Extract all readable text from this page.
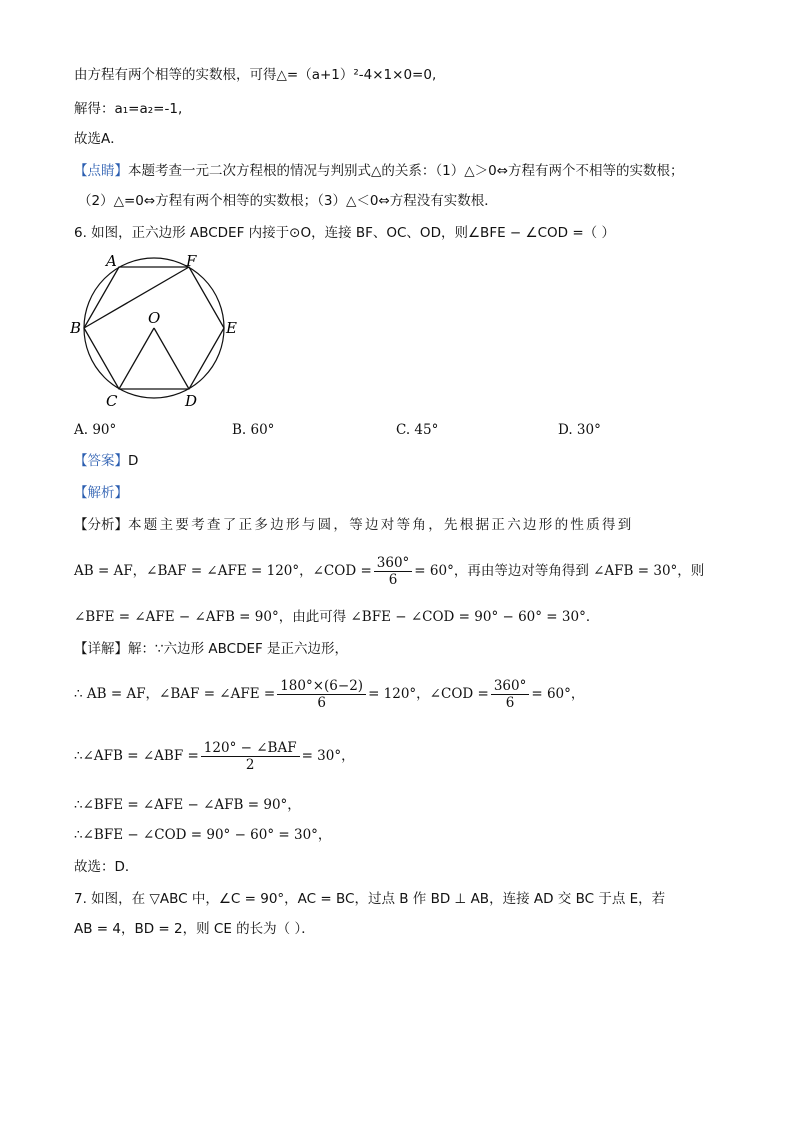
由方程有两个相等的实数根，可得△=（a+1）²-4×1×0=0,
解得：a₁=a₂=-1,
故选A．
【点睛】本题考查一元二次方程根的情况与判别式△的关系：（1）△＞0⇔方程有两个不相等的实数根；
（2）△=0⇔方程有两个相等的实数根；（3）△＜0⇔方程没有实数根．
6. 如图，正六边形 ABCDEF 内接于⊙O，连接 BF、OC、OD，则∠BFE − ∠COD =（ ）
A	F
B	E
O
C	D
A. 90°	B. 60°	C. 45°	D. 30°
【答案】D
【解析】
【分析】本题主要考查了正多边形与圆，等边对等角，先根据正六边形的性质得到
AB = AF，∠BAF = ∠AFE = 120°，∠COD = $\frac{360^\circ}{6} = 60^\circ$，再由等边对等角得到 ∠AFB = 30°，则
∠BFE = ∠AFE − ∠AFB = 90°，由此可得 ∠BFE − ∠COD = 90° − 60° = 30°．
【详解】解：∵六边形 ABCDEF 是正六边形，
∴ AB = AF，∠BAF = ∠AFE = $\frac{180^\circ\times(6-2)}{6} = 120^\circ$，∠COD = $\frac{360^\circ}{6} = 60^\circ$，
∴∠AFB = ∠ABF = $\frac{\text{120° − ∠BAF}}{2} = 30^\circ$，
∴∠BFE = ∠AFE − ∠AFB = 90°，
∴∠BFE − ∠COD = 90° − 60° = 30°，
故选：D．
7. 如图，在 ▽ABC 中，∠C = 90°，AC = BC，过点 B 作 BD ⊥ AB，连接 AD 交 BC 于点 E，若
AB = 4，BD = 2，则 CE 的长为（ ）．
